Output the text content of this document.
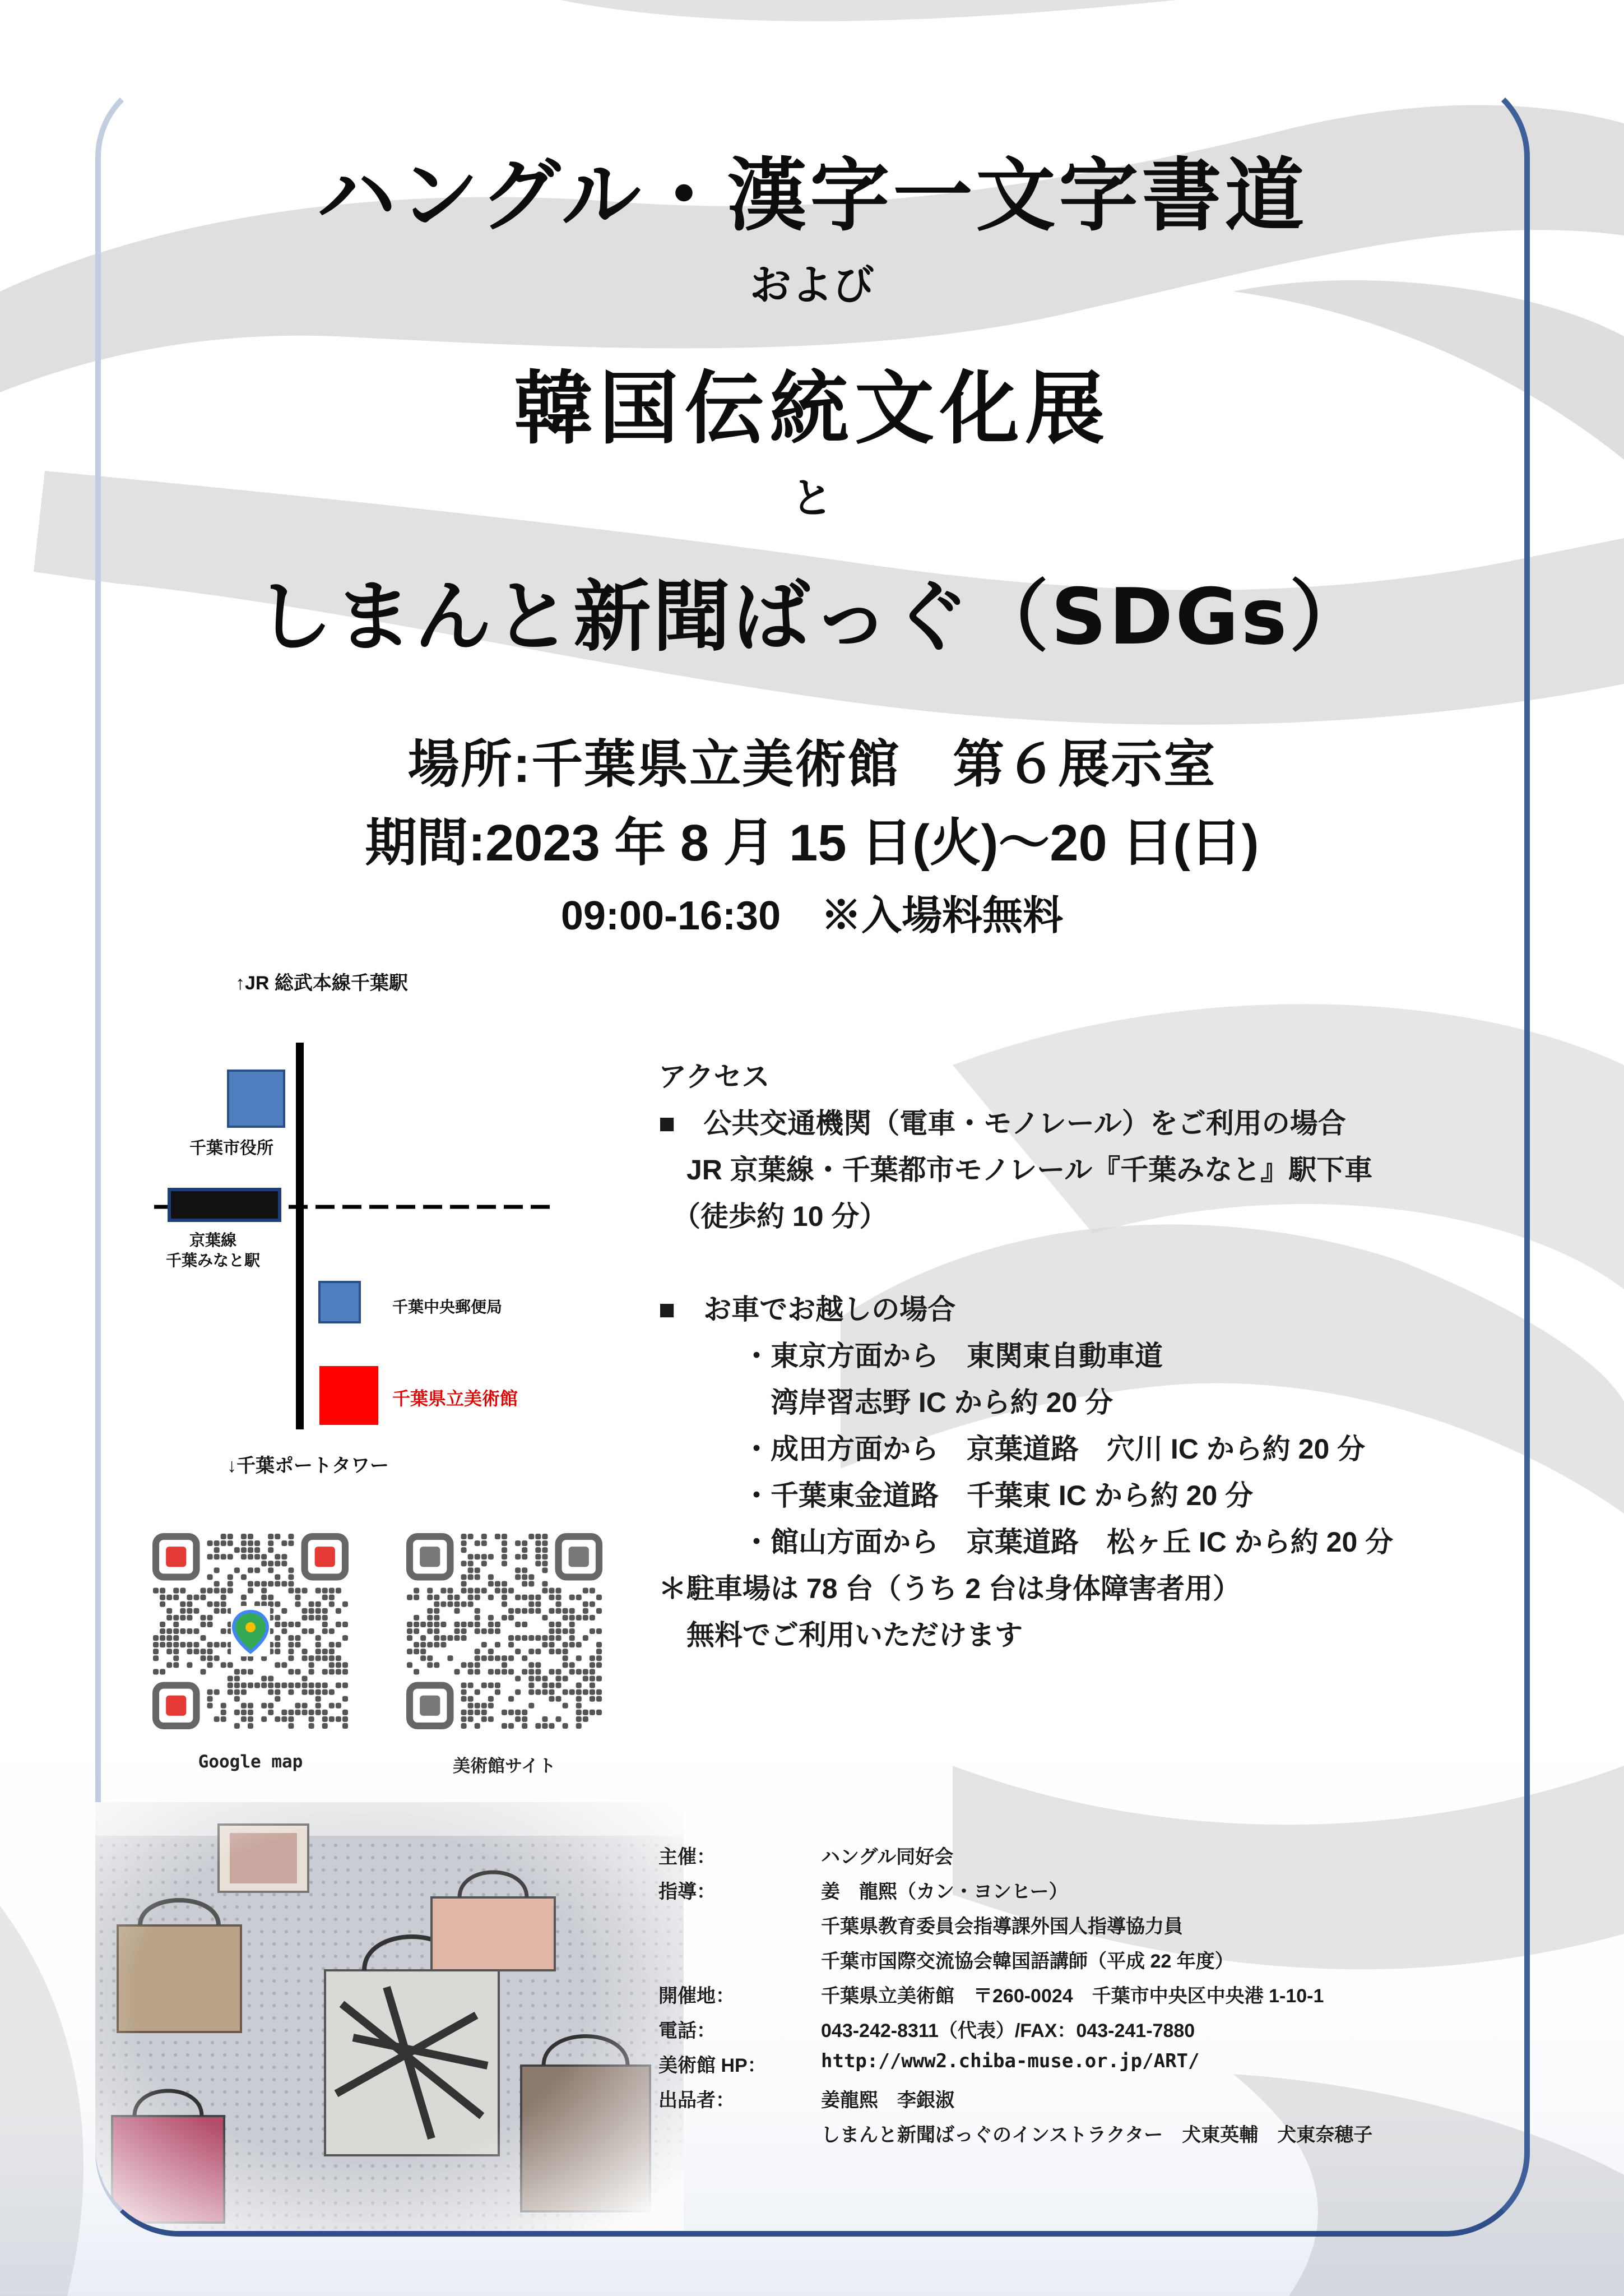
ハングル・漢字一文字書道
および
韓国伝統文化展
と
しまんと新聞ばっぐ（SDGs）
場所:千葉県立美術館　第６展示室
期間:2023 年 8 月 15 日(火)～20 日(日)
09:00-16:30　※入場料無料
↑JR 総武本線千葉駅
千葉市役所
京葉線
千葉みなと駅
千葉中央郵便局
千葉県立美術館
↓千葉ポートタワー
アクセス
■　公共交通機関（電車・モノレール）をご利用の場合
　JR 京葉線・千葉都市モノレール『千葉みなと』駅下車
　（徒歩約 10 分）
■　お車でお越しの場合
　　　・東京方面から　東関東自動車道
　　　　湾岸習志野 IC から約 20 分
　　　・成田方面から　京葉道路　穴川 IC から約 20 分
　　　・千葉東金道路　千葉東 IC から約 20 分
　　　・館山方面から　京葉道路　松ヶ丘 IC から約 20 分
＊駐車場は 78 台（うち 2 台は身体障害者用）
　無料でご利用いただけます
Google map	美術館サイト
主催：	ハングル同好会
指導：	姜　龍熙（カン・ヨンヒー）
千葉県教育委員会指導課外国人指導協力員
千葉市国際交流協会韓国語講師（平成 22 年度）
開催地：	千葉県立美術館　〒260-0024　千葉市中央区中央港 1-10-1
電話：	043-242-8311（代表）/FAX：043-241-7880
美術館 HP：	http://www2.chiba-muse.or.jp/ART/
出品者：	姜龍熙　李銀淑
しまんと新聞ばっぐのインストラクター　犬東英輔　犬東奈穂子
